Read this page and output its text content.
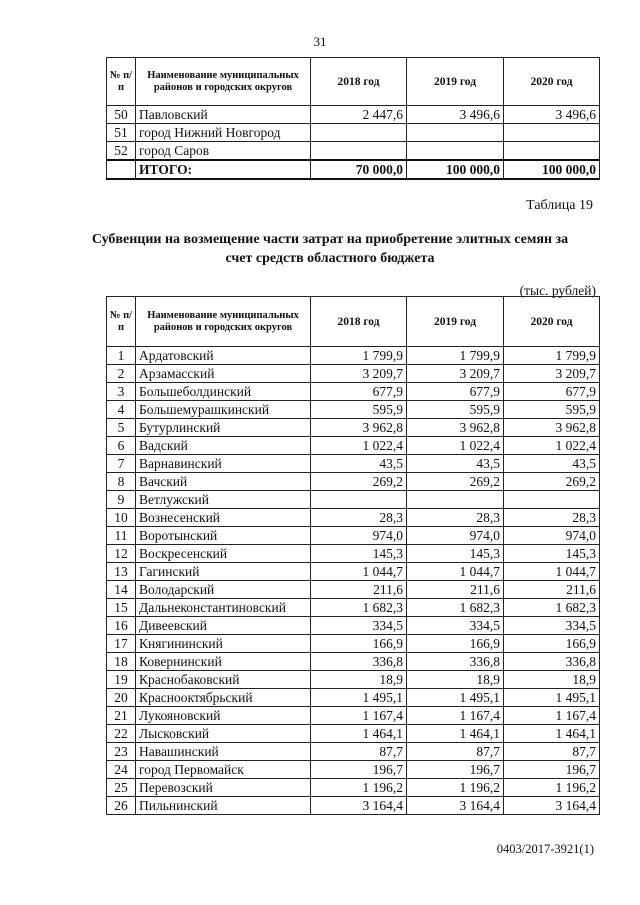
31
№ п/п	Наименование муниципальных районов и городских округов	2018 год	2019 год	2020 год
50	Павловский	2 447,6	3 496,6	3 496,6
51	город Нижний Новгород			
52	город Саров			
	ИТОГО:	70 000,0	100 000,0	100 000,0
Таблица 19
Субвенции на возмещение части затрат на приобретение элитных семян за счет средств областного бюджета
(тыс. рублей)
№ п/п	Наименование муниципальных районов и городских округов	2018 год	2019 год	2020 год
1	Ардатовский	1 799,9	1 799,9	1 799,9
2	Арзамасский	3 209,7	3 209,7	3 209,7
3	Большеболдинский	677,9	677,9	677,9
4	Большемурашкинский	595,9	595,9	595,9
5	Бутурлинский	3 962,8	3 962,8	3 962,8
6	Вадский	1 022,4	1 022,4	1 022,4
7	Варнавинский	43,5	43,5	43,5
8	Вачский	269,2	269,2	269,2
9	Ветлужский			
10	Вознесенский	28,3	28,3	28,3
11	Воротынский	974,0	974,0	974,0
12	Воскресенский	145,3	145,3	145,3
13	Гагинский	1 044,7	1 044,7	1 044,7
14	Володарский	211,6	211,6	211,6
15	Дальнеконстантиновский	1 682,3	1 682,3	1 682,3
16	Дивеевский	334,5	334,5	334,5
17	Княгининский	166,9	166,9	166,9
18	Ковернинский	336,8	336,8	336,8
19	Краснобаковский	18,9	18,9	18,9
20	Краснооктябрьский	1 495,1	1 495,1	1 495,1
21	Лукояновский	1 167,4	1 167,4	1 167,4
22	Лысковский	1 464,1	1 464,1	1 464,1
23	Навашинский	87,7	87,7	87,7
24	город Первомайск	196,7	196,7	196,7
25	Перевозский	1 196,2	1 196,2	1 196,2
26	Пильнинский	3 164,4	3 164,4	3 164,4
0403/2017-3921(1)
